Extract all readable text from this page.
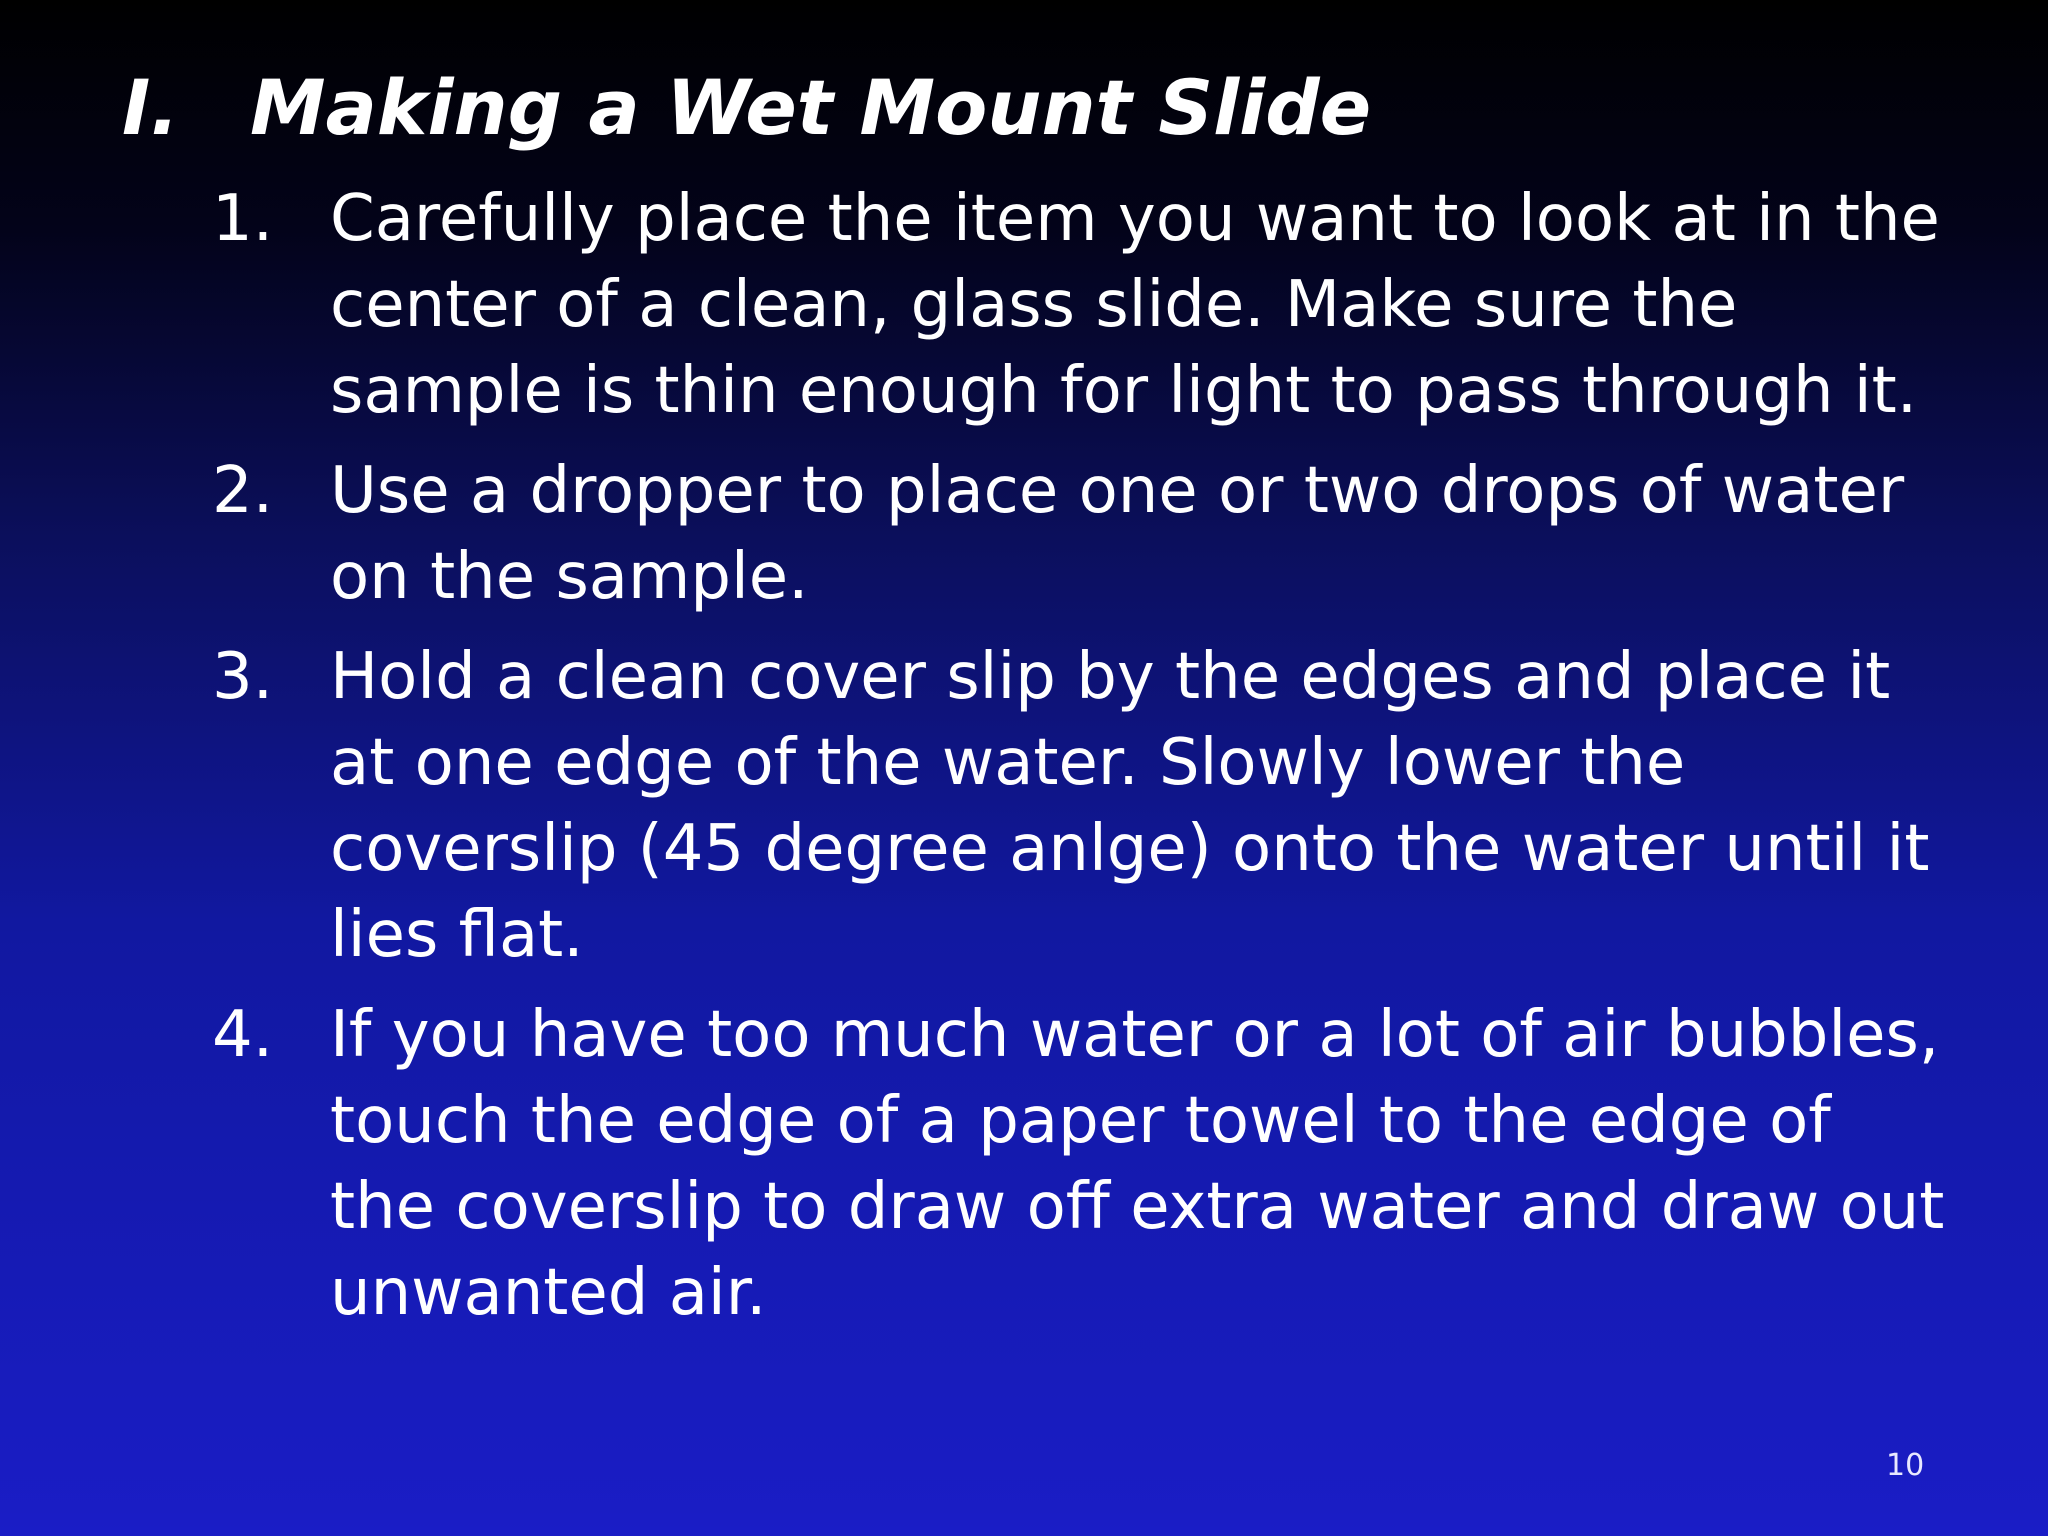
I. Making a Wet Mount Slide
1. Carefully place the item you want to look at in the center of a clean, glass slide. Make sure the sample is thin enough for light to pass through it.
2. Use a dropper to place one or two drops of water on the sample.
3. Hold a clean cover slip by the edges and place it at one edge of the water. Slowly lower the coverslip (45 degree anlge) onto the water until it lies flat.
4. If you have too much water or a lot of air bubbles, touch the edge of a paper towel to the edge of the coverslip to draw off extra water and draw out unwanted air.
10
